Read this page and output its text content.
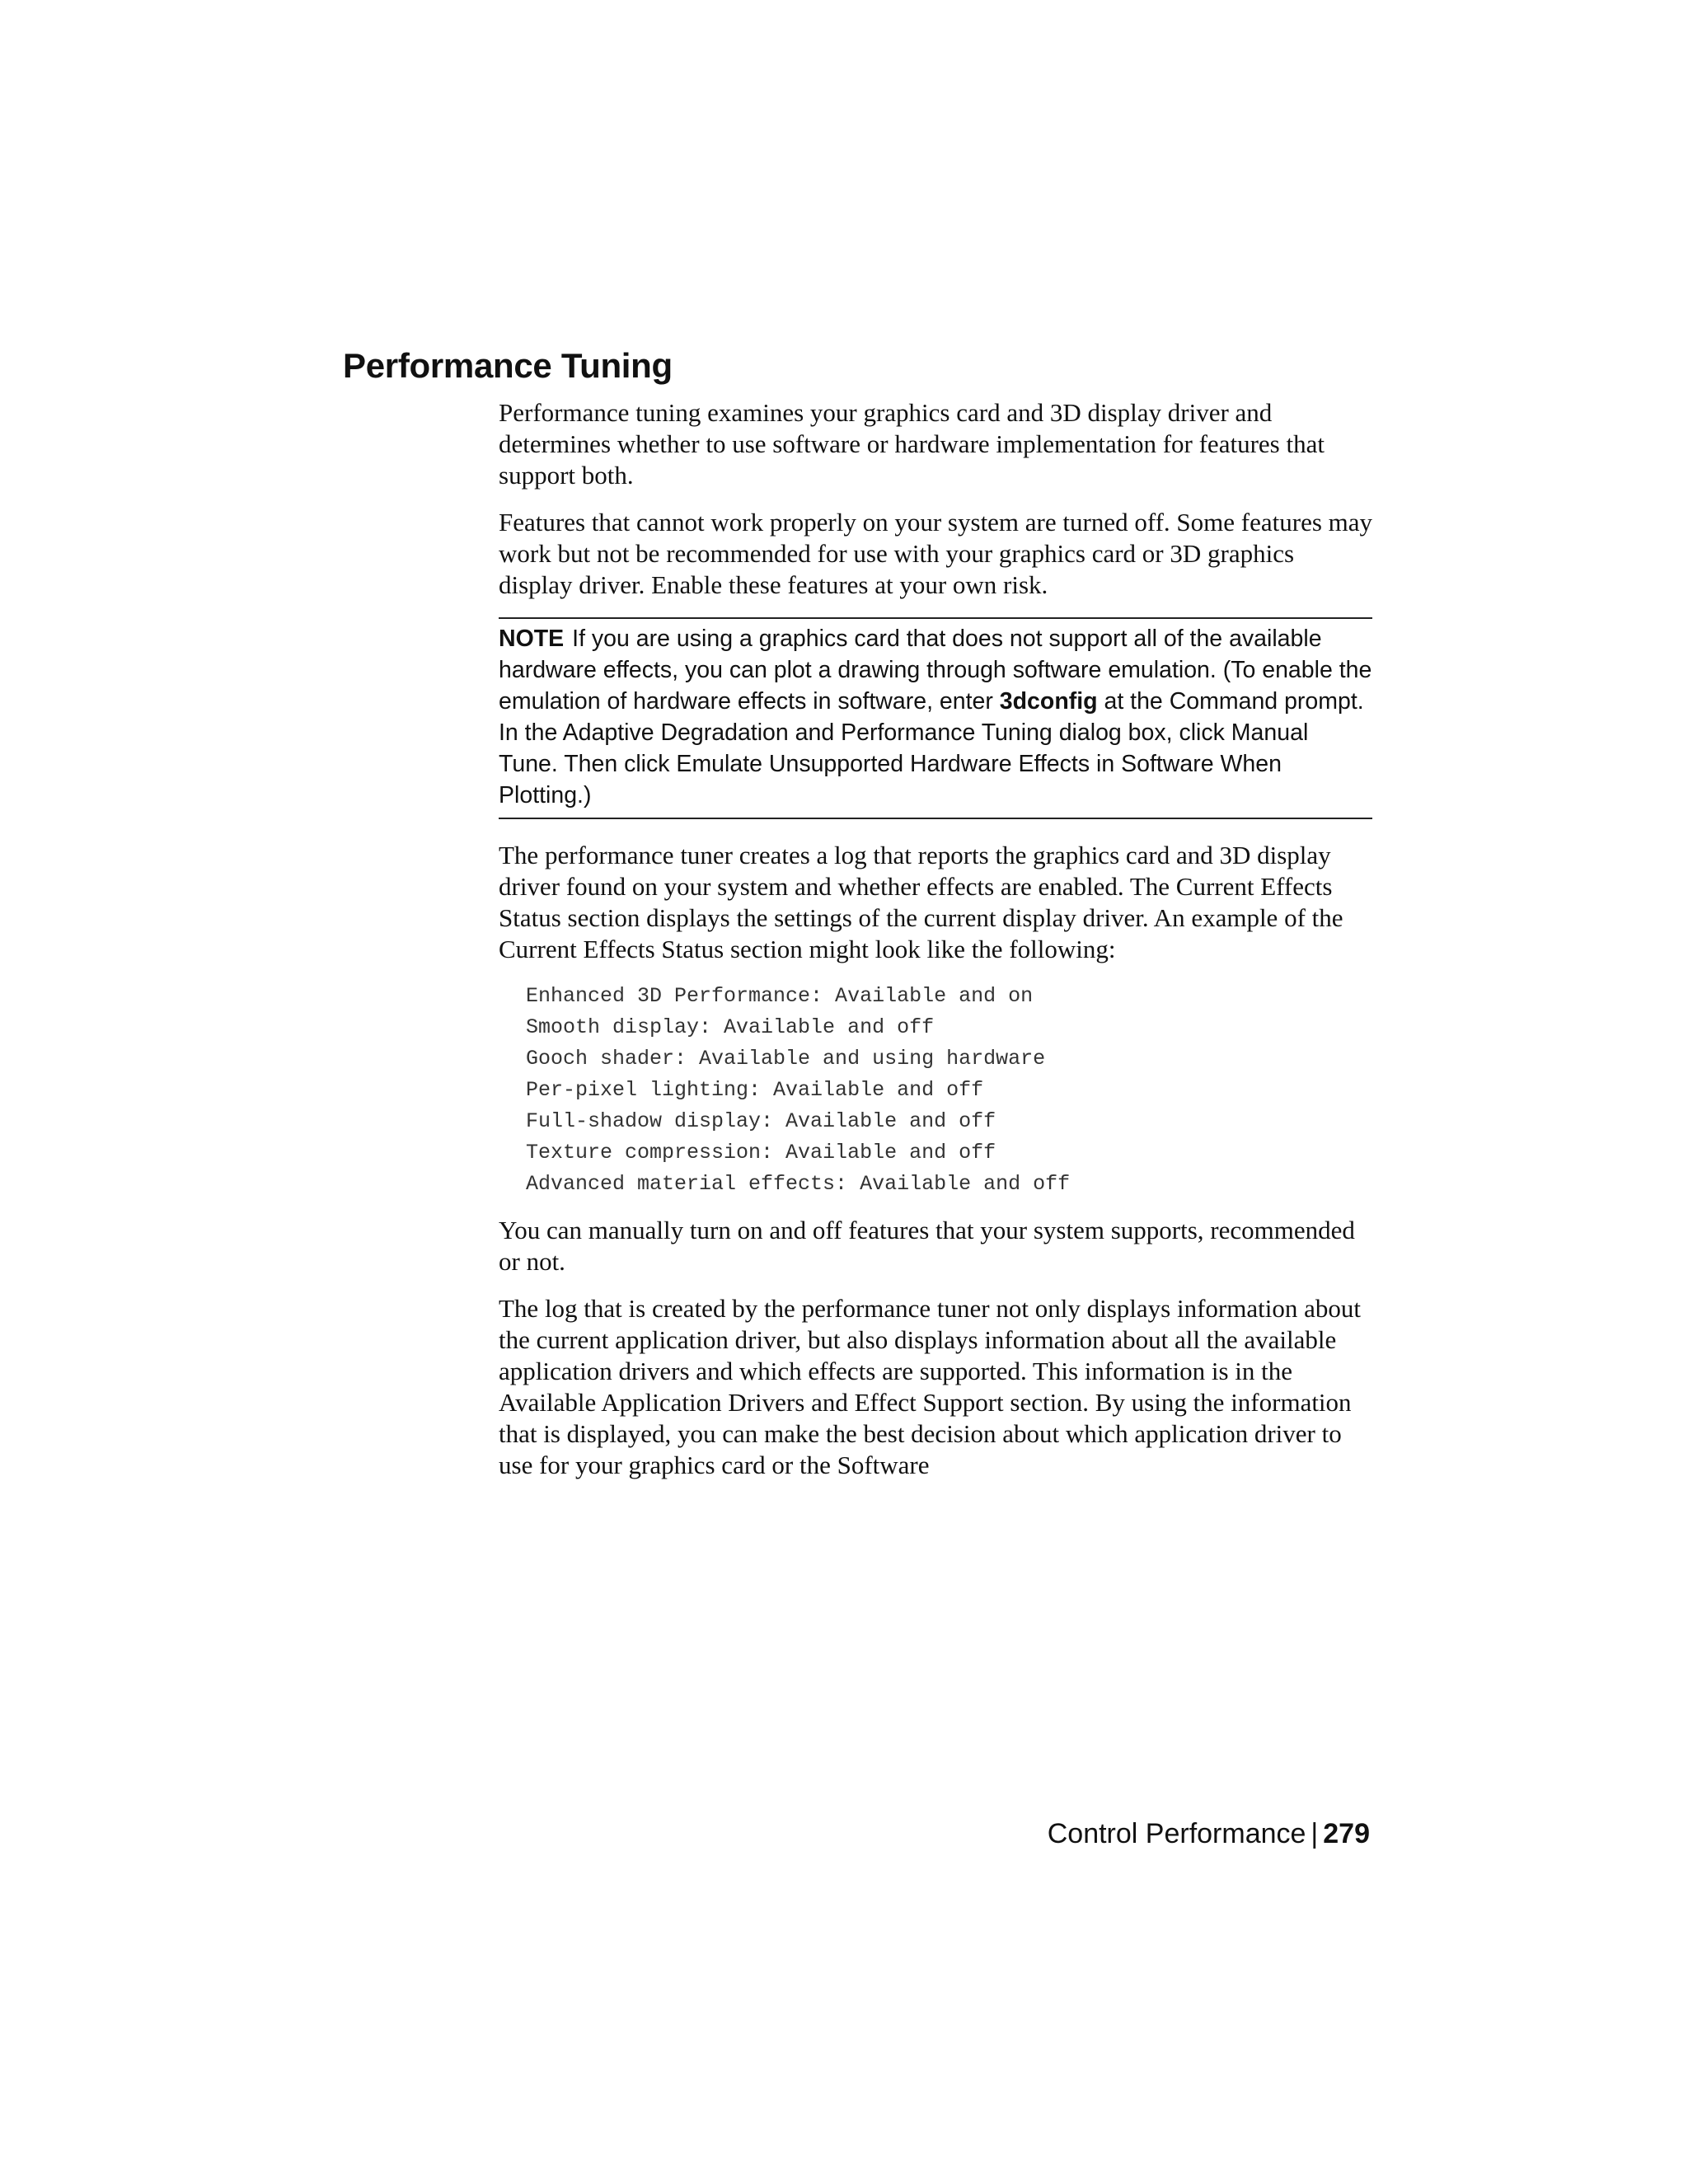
Performance Tuning

Performance tuning examines your graphics card and 3D display driver and determines whether to use software or hardware implementation for features that support both.

Features that cannot work properly on your system are turned off. Some features may work but not be recommended for use with your graphics card or 3D graphics display driver. Enable these features at your own risk.

NOTE If you are using a graphics card that does not support all of the available hardware effects, you can plot a drawing through software emulation. (To enable the emulation of hardware effects in software, enter 3dconfig at the Command prompt. In the Adaptive Degradation and Performance Tuning dialog box, click Manual Tune. Then click Emulate Unsupported Hardware Effects in Software When Plotting.)

The performance tuner creates a log that reports the graphics card and 3D display driver found on your system and whether effects are enabled. The Current Effects Status section displays the settings of the current display driver. An example of the Current Effects Status section might look like the following:

Enhanced 3D Performance: Available and on
Smooth display: Available and off
Gooch shader: Available and using hardware
Per-pixel lighting: Available and off
Full-shadow display: Available and off
Texture compression: Available and off
Advanced material effects: Available and off

You can manually turn on and off features that your system supports, recommended or not.

The log that is created by the performance tuner not only displays information about the current application driver, but also displays information about all the available application drivers and which effects are supported. This information is in the Available Application Drivers and Effect Support section. By using the information that is displayed, you can make the best decision about which application driver to use for your graphics card or the Software

Control Performance | 279
